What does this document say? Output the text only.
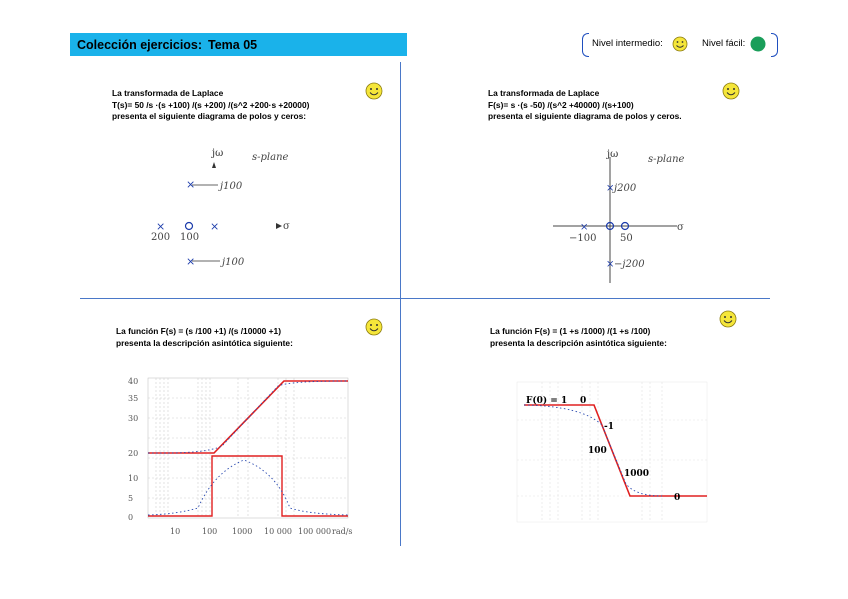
Colección ejercicios: Tema 05	Nivel intermedio:	Nivel fácil:
La transformada de Laplace
T(s)= 50 /s ·(s +100) /(s +200) /(s^2 +200·s +20000)
presenta el siguiente diagrama de polos y ceros:
jω	s-plane
× j100
×	×	σ
200 100
×	j100
La transformada de Laplace
F(s)= s ·(s -50) /(s^2 +40000) /(s+100)
presenta el siguiente diagrama de polos y ceros.
jω	s-plane
σ
× j200
×
−100 50
× −j200
La función F(s) = (s /100 +1) /(s /10000 +1)
presenta la descripción asintótica siguiente:
40
35
30
20
10
5
0
10	100 1000 10 000 100 000 rad/s
La función F(s) = (1 +s /1000) /(1 +s /100)
presenta la descripción asintótica siguiente:
F(0) = 1 0
-1
100
1000
0
